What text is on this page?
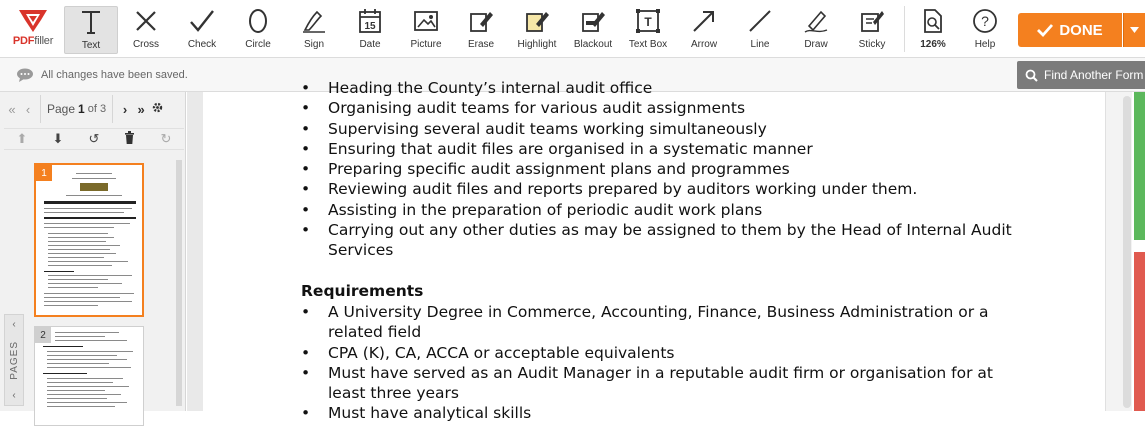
PDFfiller	Text	Cross	Check	Circle	Sign
15
Date	Picture	Erase	Highlight	Blackout
T
Text Box	Arrow	Line	Draw	Sticky	126%
?
Help
DONE
All changes have been saved.	Find Another Form
« ‹	Page 1 of 3	› »
⬆ ⬇ ↺	↻
1
2
‹
PAGES
‹
• Heading the County’s internal audit office
• Organising audit teams for various audit assignments
• Supervising several audit teams working simultaneously
• Ensuring that audit files are organised in a systematic manner
• Preparing specific audit assignment plans and programmes
• Reviewing audit files and reports prepared by auditors working under them.
• Assisting in the preparation of periodic audit work plans
• Carrying out any other duties as may be assigned to them by the Head of Internal Audit Services
Requirements
• A University Degree in Commerce, Accounting, Finance, Business Administration or a related field
• CPA (K), CA, ACCA or acceptable equivalents
• Must have served as an Audit Manager in a reputable audit firm or organisation for at least three years
• Must have analytical skills
